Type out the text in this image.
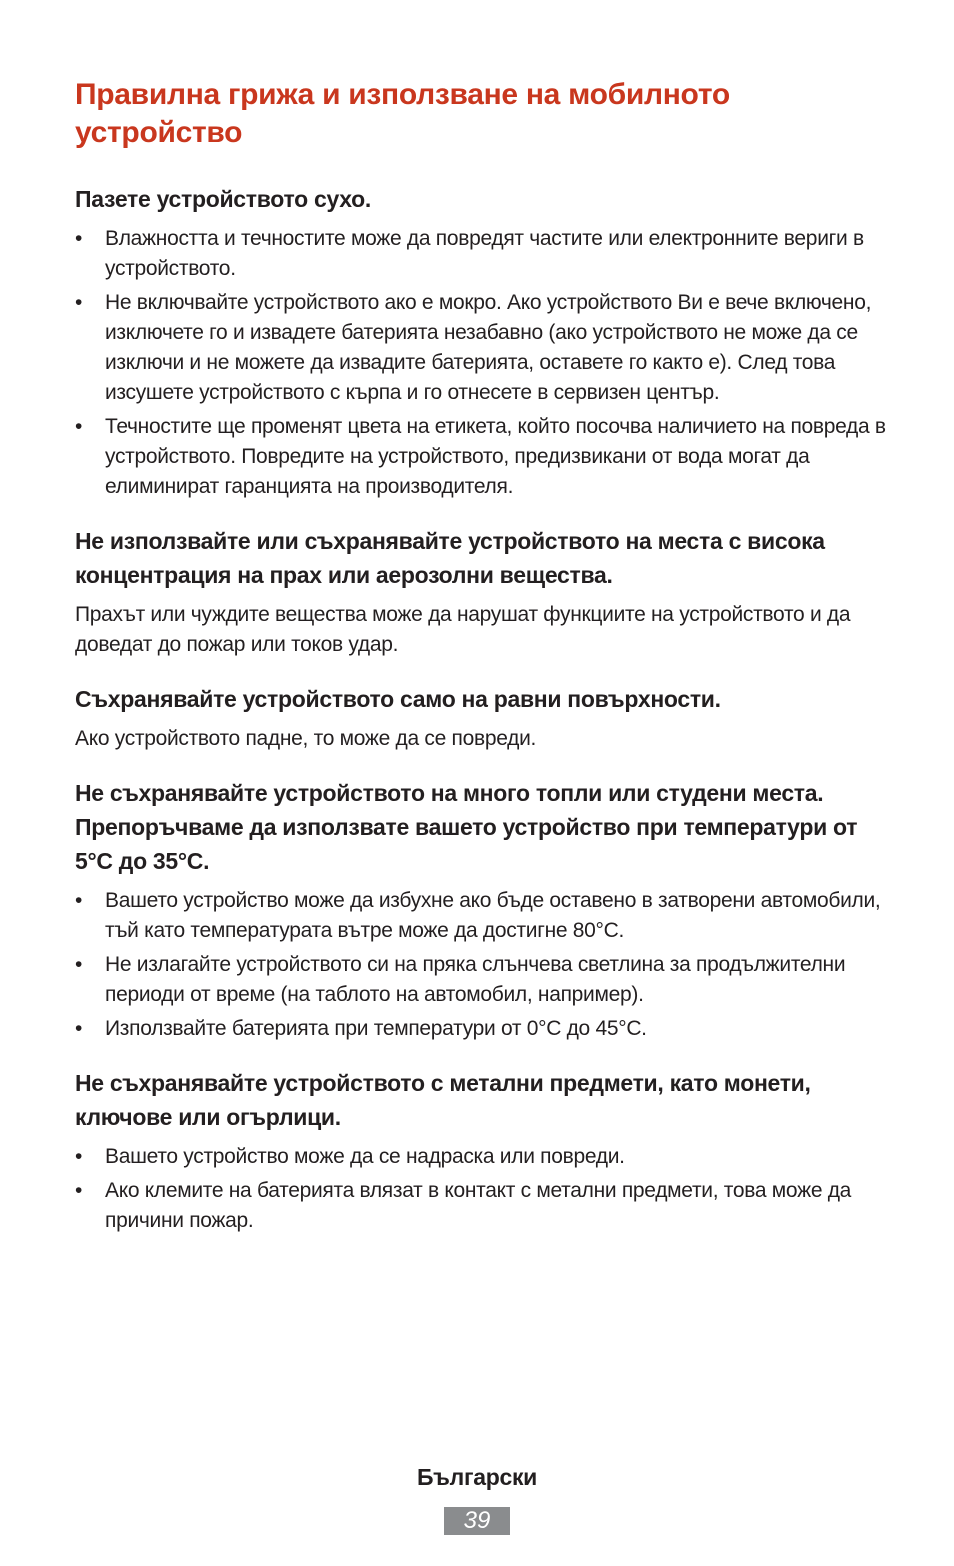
Правилна грижа и използване на мобилното устройство
Пазете устройството сухо.
•	Влажността и течностите може да повредят частите или електронните вериги в устройството.
•	Не включвайте устройството ако е мокро. Ако устройството Ви е вече включено, изключете го и извадете батерията незабавно (ако устройството не може да се изключи и не можете да извадите батерията, оставете го както е). След това изсушете устройството с кърпа и го отнесете в сервизен център.
•	Течностите ще променят цвета на етикета, който посочва наличието на повреда в устройството. Повредите на устройството, предизвикани от вода могат да елиминират гаранцията на производителя.
Не използвайте или съхранявайте устройството на места с висока концентрация на прах или аерозолни вещества.

Прахът или чуждите вещества може да нарушат функциите на устройството и да доведат до пожар или токов удар.

Съхранявайте устройството само на равни повърхности.

Ако устройството падне, то може да се повреди.

Не съхранявайте устройството на много топли или студени места. Препоръчваме да използвате вашето устройство при температури от 5°C до 35°C.
•	Вашето устройство може да избухне ако бъде оставено в затворени автомобили, тъй като температурата вътре може да достигне 80°C.
•	Не излагайте устройството си на пряка слънчева светлина за продължителни периоди от време (на таблото на автомобил, например).
•	Използвайте батерията при температури от 0°C до 45°C.
Не съхранявайте устройството с метални предмети, като монети, ключове или огърлици.
•	Вашето устройство може да се надраска или повреди.
•	Ако клемите на батерията влязат в контакт с метални предмети, това може да причини пожар.
Български
39
